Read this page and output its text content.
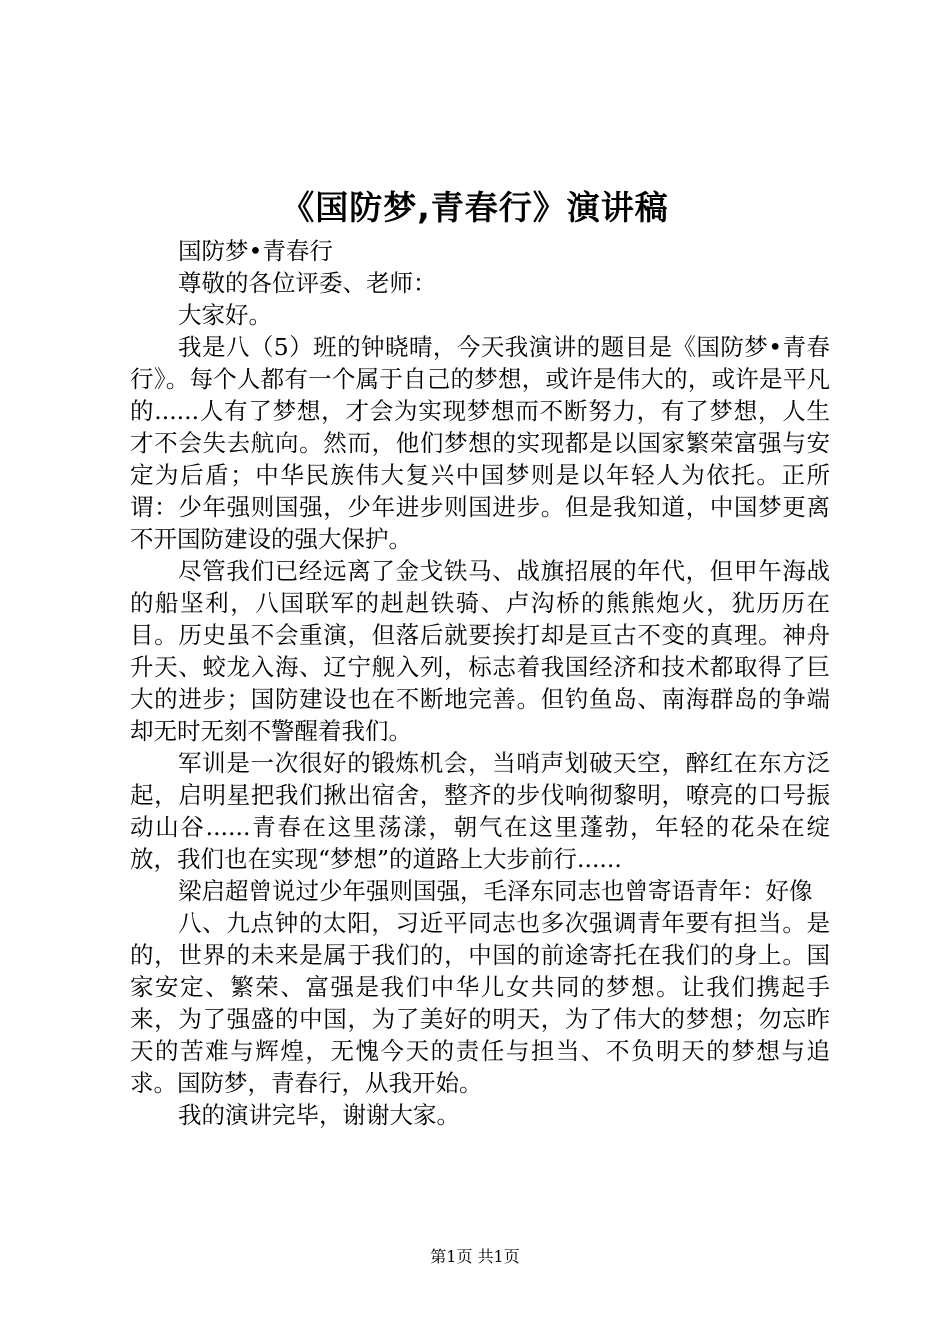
《国防梦,青春行》演讲稿

国防梦•青春行

尊敬的各位评委、老师：

大家好。

我是八（5）班的钟晓晴，今天我演讲的题目是《国防梦•青春行》。每个人都有一个属于自己的梦想，或许是伟大的，或许是平凡的......人有了梦想，才会为实现梦想而不断努力，有了梦想，人生才不会失去航向。然而，他们梦想的实现都是以国家繁荣富强与安定为后盾；中华民族伟大复兴中国梦则是以年轻人为依托。正所谓：少年强则国强，少年进步则国进步。但是我知道，中国梦更离不开国防建设的强大保护。

尽管我们已经远离了金戈铁马、战旗招展的年代，但甲午海战的船坚利，八国联军的赳赳铁骑、卢沟桥的熊熊炮火，犹历历在目。历史虽不会重演，但落后就要挨打却是亘古不变的真理。神舟升天、蛟龙入海、辽宁舰入列，标志着我国经济和技术都取得了巨大的进步；国防建设也在不断地完善。但钓鱼岛、南海群岛的争端却无时无刻不警醒着我们。

军训是一次很好的锻炼机会，当哨声划破天空，醉红在东方泛起，启明星把我们揪出宿舍，整齐的步伐响彻黎明，嘹亮的口号振动山谷......青春在这里荡漾，朝气在这里蓬勃，年轻的花朵在绽放，我们也在实现“梦想”的道路上大步前行......

梁启超曾说过少年强则国强，毛泽东同志也曾寄语青年：好像

八、九点钟的太阳，习近平同志也多次强调青年要有担当。是的，世界的未来是属于我们的，中国的前途寄托在我们的身上。国家安定、繁荣、富强是我们中华儿女共同的梦想。让我们携起手来，为了强盛的中国，为了美好的明天，为了伟大的梦想；勿忘昨天的苦难与辉煌，无愧今天的责任与担当、不负明天的梦想与追求。国防梦，青春行，从我开始。

我的演讲完毕，谢谢大家。

第1页 共1页
